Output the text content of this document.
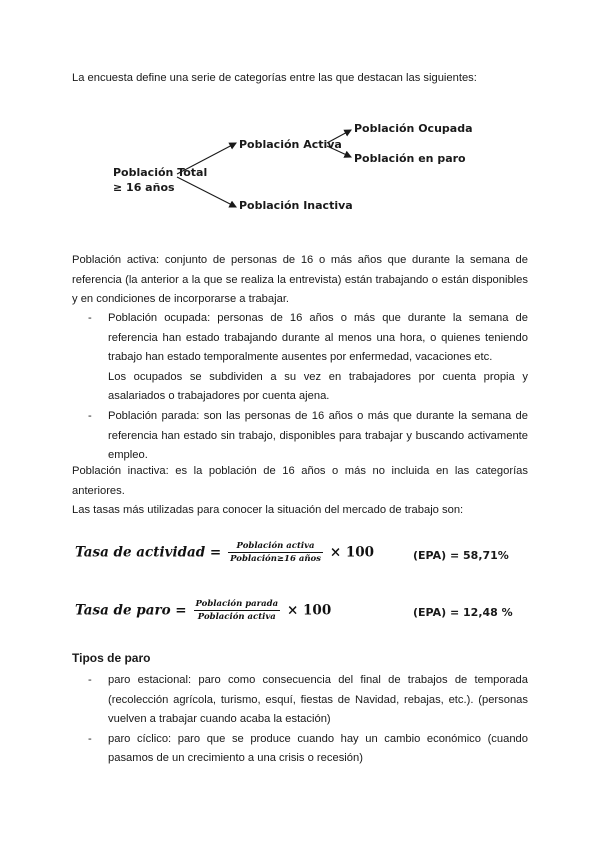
La encuesta define una serie de categorías entre las que destacan las siguientes:

Población Total
≥ 16 años
Población Activa
Población Ocupada
Población en paro
Población Inactiva

Población activa: conjunto de personas de 16 o más años que durante la semana de referencia (la anterior a la que se realiza la entrevista) están trabajando o están disponibles y en condiciones de incorporarse a trabajar.

- Población ocupada: personas de 16 años o más que durante la semana de referencia han estado trabajando durante al menos una hora, o quienes teniendo trabajo han estado temporalmente ausentes por enfermedad, vacaciones etc.
Los ocupados se subdividen a su vez en trabajadores por cuenta propia y asalariados o trabajadores por cuenta ajena.
- Población parada: son las personas de 16 años o más que durante la semana de referencia han estado sin trabajo, disponibles para trabajar y buscando activamente empleo.

Población inactiva: es la población de 16 años o más no incluida en las categorías anteriores.

Las tasas más utilizadas para conocer la situación del mercado de trabajo son:

Tasa de actividad = $\frac{\text{Población activa}}{\text{Población≥16 años}} \times 100$	(EPA) = 58,71%
Tasa de paro = $\frac{\text{Población parada}}{\text{Población activa}} \times 100$	(EPA) = 12,48 %
Tipos de paro
- paro estacional: paro como consecuencia del final de trabajos de temporada (recolección agrícola, turismo, esquí, fiestas de Navidad, rebajas, etc.). (personas vuelven a trabajar cuando acaba la estación)
- paro cíclico: paro que se produce cuando hay un cambio económico (cuando pasamos de un crecimiento a una crisis o recesión)
